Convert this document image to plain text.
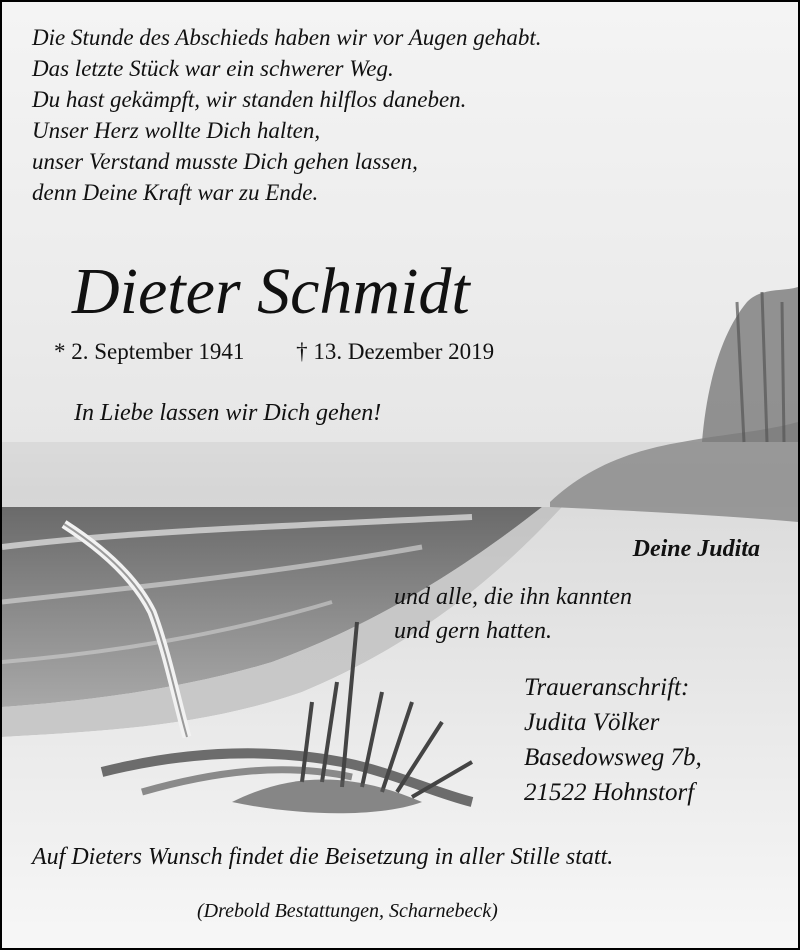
Die Stunde des Abschieds haben wir vor Augen gehabt.
Das letzte Stück war ein schwerer Weg.
Du hast gekämpft, wir standen hilflos daneben.
Unser Herz wollte Dich halten,
unser Verstand musste Dich gehen lassen,
denn Deine Kraft war zu Ende.
Dieter Schmidt
* 2. September 1941 † 13. Dezember 2019
In Liebe lassen wir Dich gehen!
Deine Judita
und alle, die ihn kannten
und gern hatten.
Traueranschrift:
Judita Völker
Basedowsweg 7b,
21522 Hohnstorf
Auf Dieters Wunsch findet die Beisetzung in aller Stille statt.
(Drebold Bestattungen, Scharnebeck)
